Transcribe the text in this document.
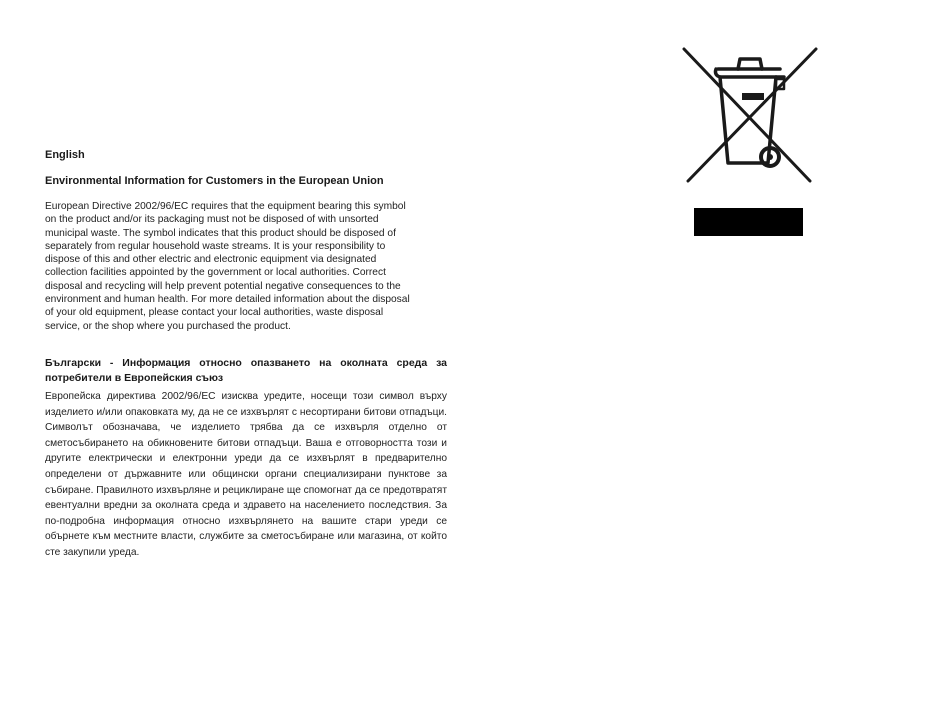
English
Environmental Information for Customers in the European Union
European Directive 2002/96/EC requires that the equipment bearing this symbol
on the product and/or its packaging must not be disposed of with unsorted
municipal waste. The symbol indicates that this product should be disposed of
separately from regular household waste streams. It is your responsibility to
dispose of this and other electric and electronic equipment via designated
collection facilities appointed by the government or local authorities. Correct
disposal and recycling will help prevent potential negative consequences to the
environment and human health. For more detailed information about the disposal
of your old equipment, please contact your local authorities, waste disposal
service, or the shop where you purchased the product.
Български - Информация относно опазването на околната среда за потребители в Европейския съюз
Европейска директива 2002/96/EC изисква уредите, носещи този символ върху изделието и/или опаковката му, да не се изхвърлят с несортирани битови отпадъци. Символът обозначава, че изделието трябва да се изхвърля отделно от сметосъбирането на обикновените битови отпадъци. Ваша е отговорността този и другите електрически и електронни уреди да се изхвърлят в предварително определени от държавните или общински органи специализирани пунктове за събиране. Правилното изхвърляне и рециклиране ще спомогнат да се предотвратят евентуални вредни за околната среда и здравето на населението последствия. За по-подробна информация относно изхвърлянето на вашите стари уреди се обърнете към местните власти, службите за сметосъбиране или магазина, от който сте закупили уреда.
